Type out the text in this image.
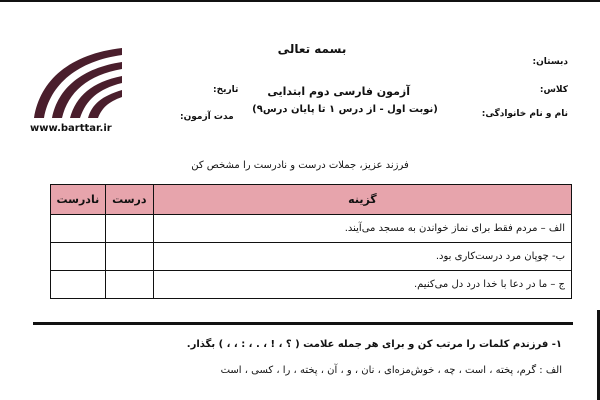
www.barttar.ir
بسمه تعالی
دبستان:
آزمون فارسی دوم ابتدایی	کلاس:
تاریخ:
نام و نام خانوادگی:
(نوبت اول - از درس ۱ تا پایان درس۹)
مدت آزمون:
فرزند عزیز، جملات درست و نادرست را مشخص کن
گزینه	درست	نادرست
الف – مردم فقط برای نماز خواندن به مسجد می‌آیند.		
ب- چوپان مرد درست‌کاری بود.		
ج – ما در دعا با خدا درد دل می‌کنیم.		
۱- فرزندم کلمات را مرتب کن و برای هر جمله علامت ( ؟ ، ! ، . ، : ، ، ) بگذار.
الف : گرم، پخته ، است ، چه ، خوش‌مزه‌ای ، نان ، و ، آن ، پخته ، را ، کسی ، است
